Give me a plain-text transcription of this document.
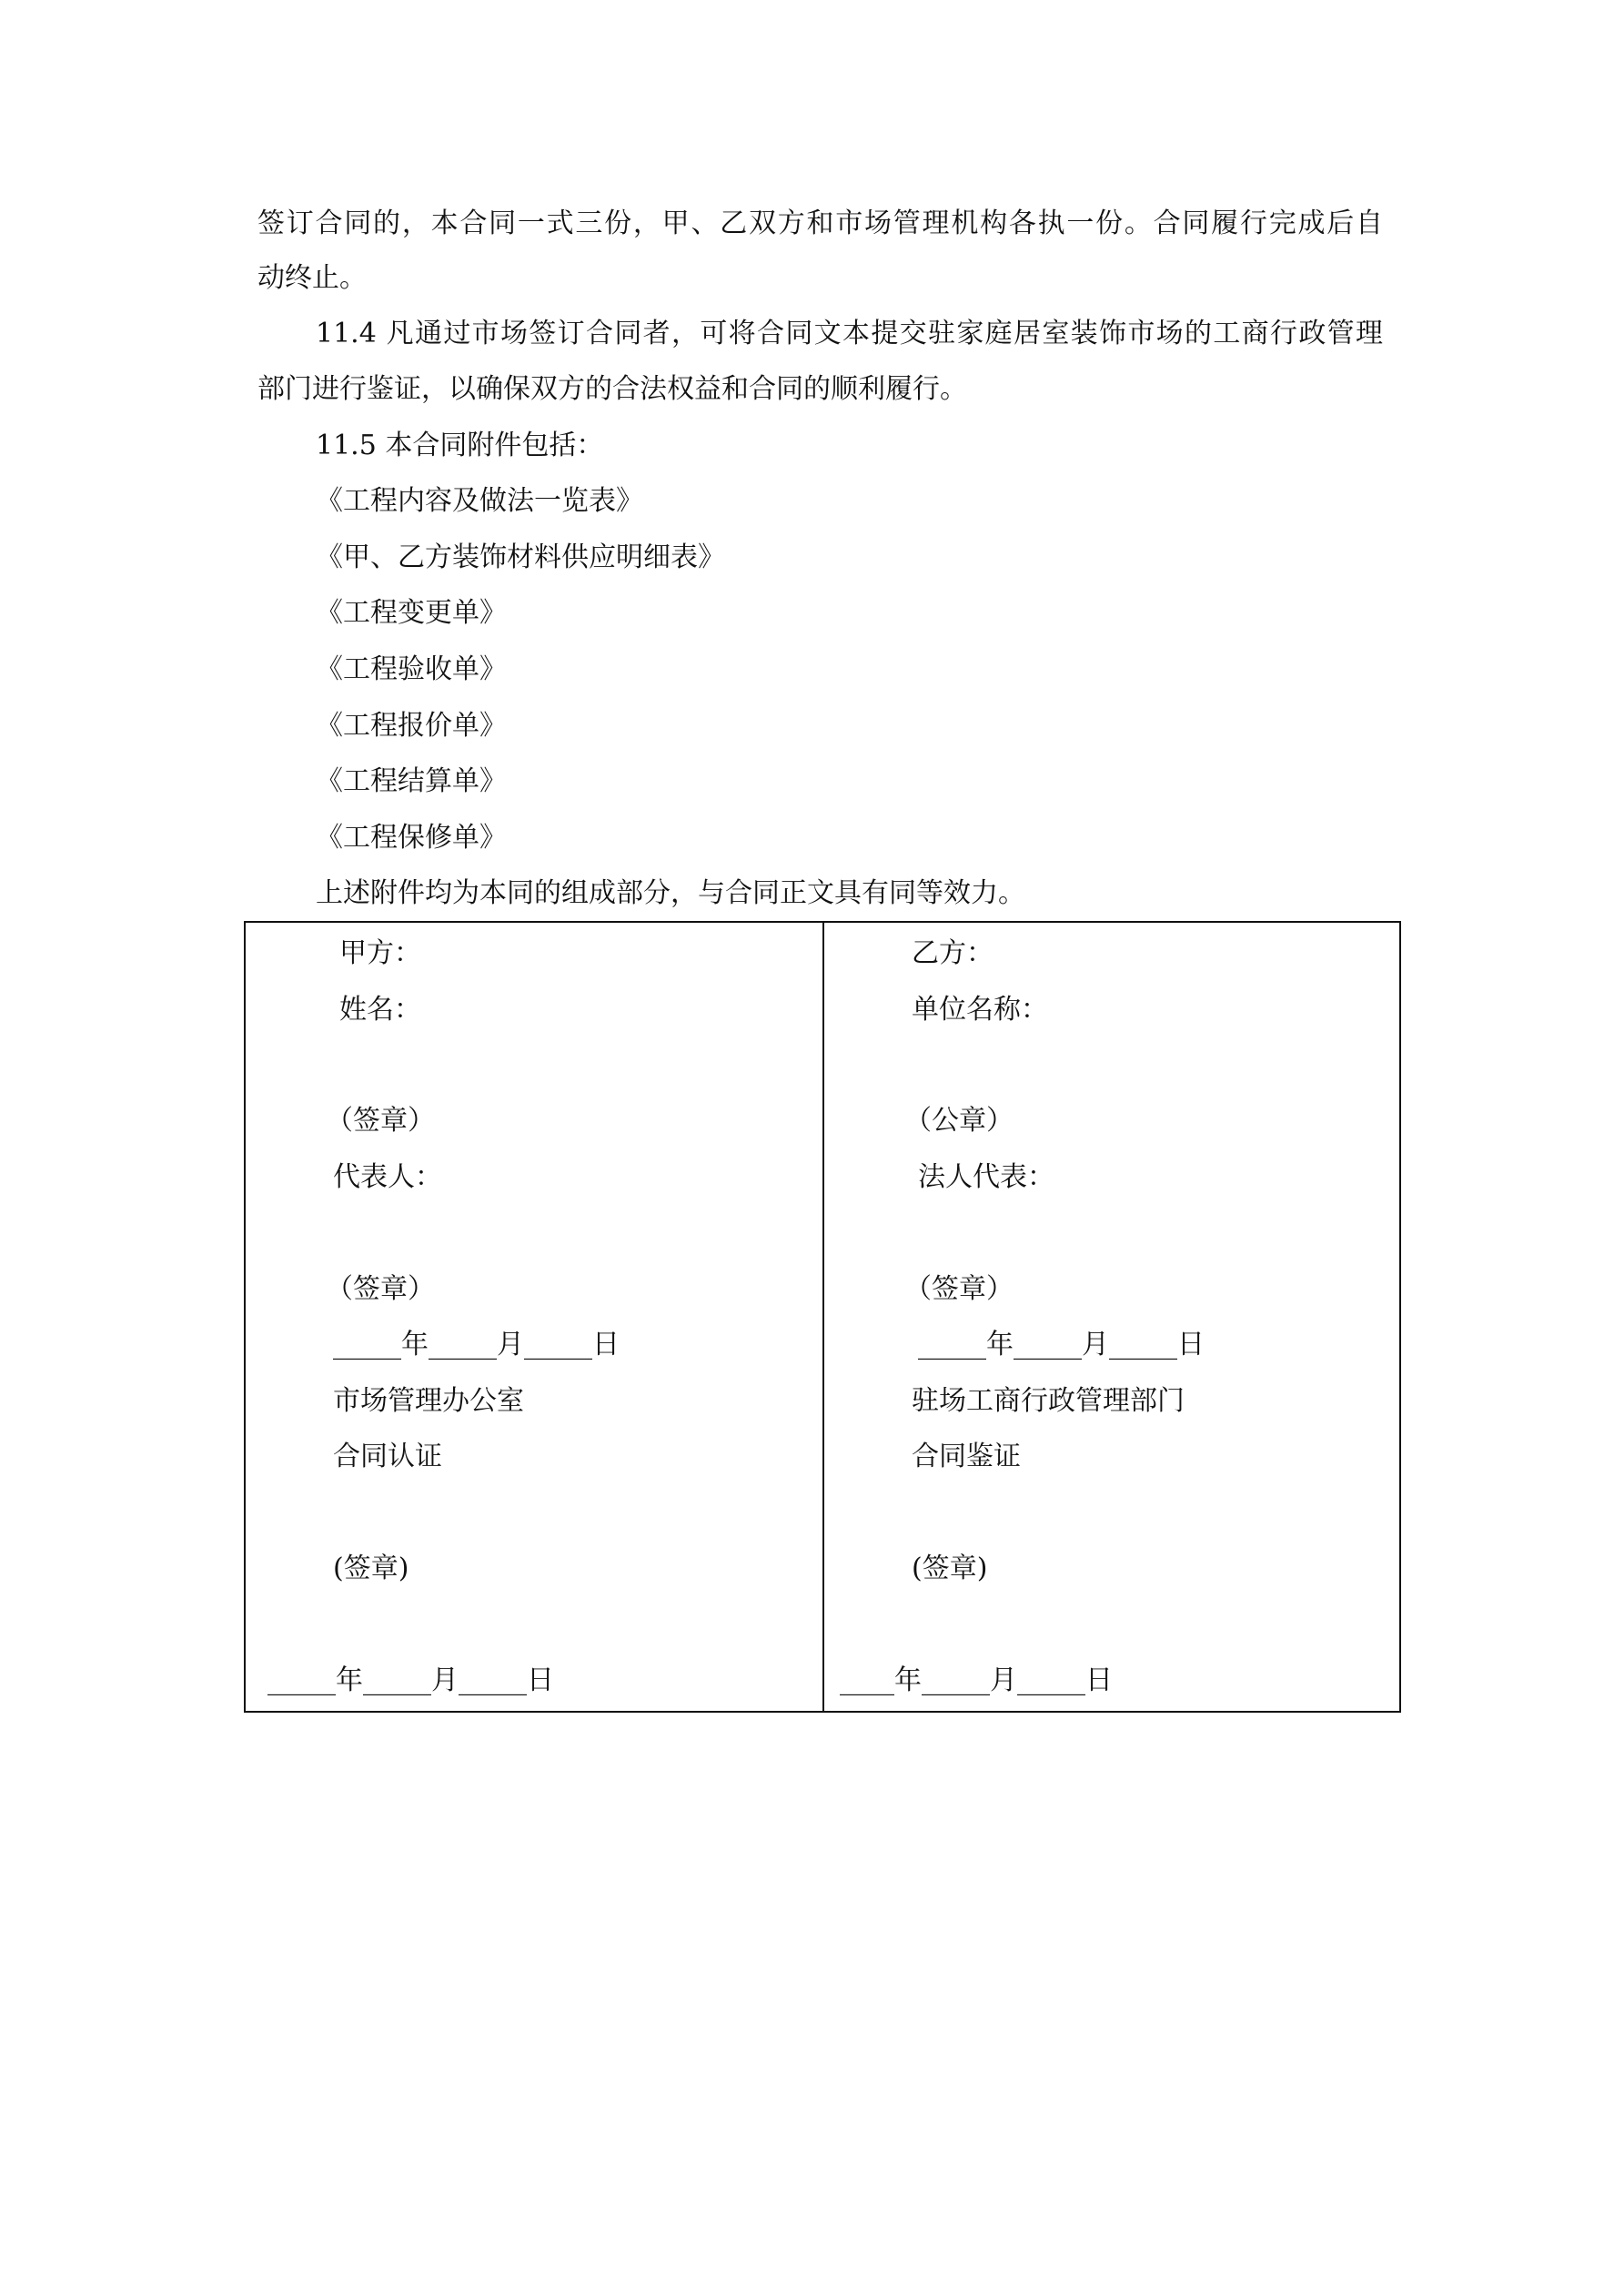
签订合同的，本合同一式三份，甲、乙双方和市场管理机构各执一份。合同履行完成后自
动终止。
11.4 凡通过市场签订合同者，可将合同文本提交驻家庭居室装饰市场的工商行政管理
部门进行鉴证，以确保双方的合法权益和合同的顺利履行。
11.5 本合同附件包括：
《工程内容及做法一览表》
《甲、乙方装饰材料供应明细表》
《工程变更单》
《工程验收单》
《工程报价单》
《工程结算单》
《工程保修单》
上述附件均为本同的组成部分，与合同正文具有同等效力。
甲方：
姓名：
（签章）
代表人：
（签章）
_____年_____月_____日
市场管理办公室
合同认证
(签章)
_____年_____月_____日

乙方：
单位名称：
（公章）
法人代表：
（签章）
_____年_____月_____日
驻场工商行政管理部门
合同鉴证
(签章)
____年_____月_____日
